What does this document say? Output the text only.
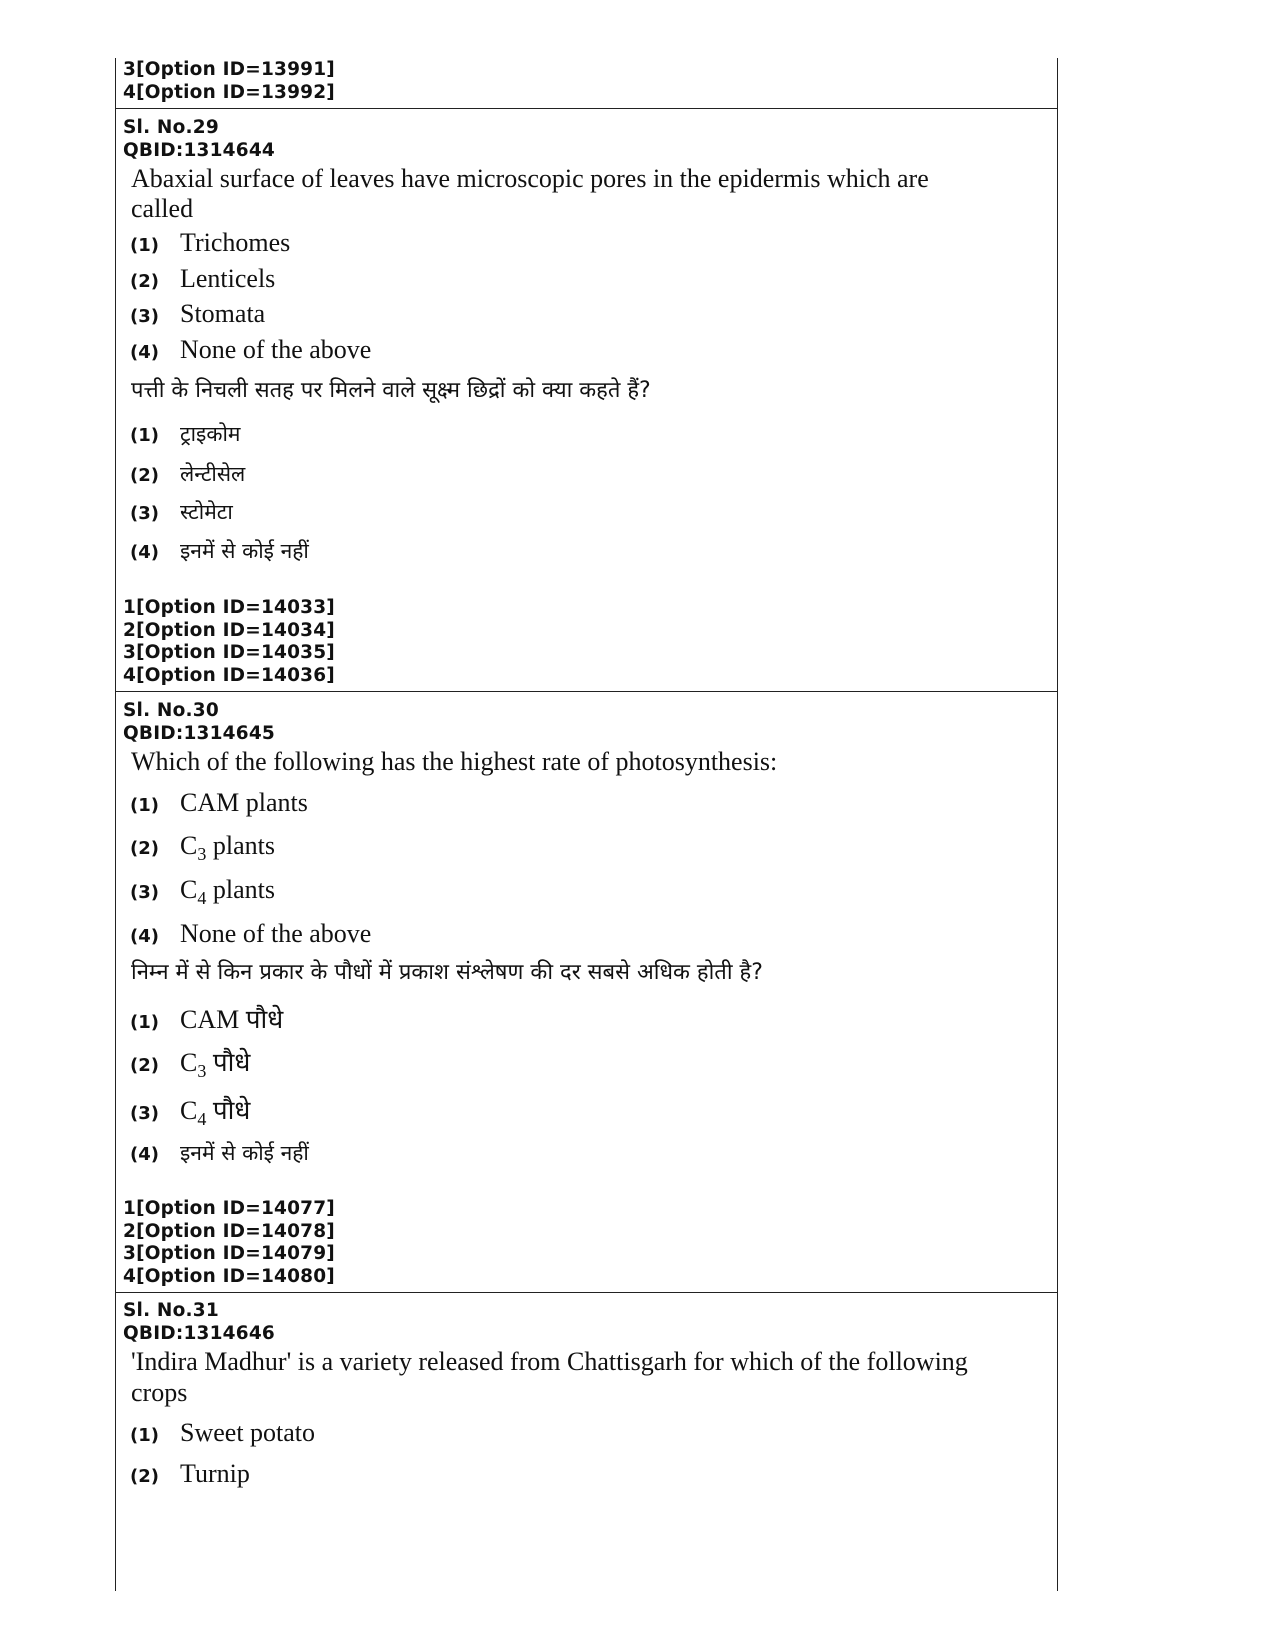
3[Option ID=13991]
4[Option ID=13992]
Sl. No.29
QBID:1314644
Abaxial surface of leaves have microscopic pores in the epidermis which are
called
(1) Trichomes
(2) Lenticels
(3) Stomata
(4) None of the above
पत्ती के निचली सतह पर मिलने वाले सूक्ष्म छिद्रों को क्या कहते हैं?
(1)	ट्राइकोम
(2)	लेन्टीसेल
(3)	स्टोमेटा
(4)	इनमें से कोई नहीं
1[Option ID=14033]
2[Option ID=14034]
3[Option ID=14035]
4[Option ID=14036]
Sl. No.30
QBID:1314645
Which of the following has the highest rate of photosynthesis:
(1) CAM plants
(2) $C_3$ plants
(3) $C_4$ plants
(4) None of the above
निम्न में से किन प्रकार के पौधों में प्रकाश संश्लेषण की दर सबसे अधिक होती है?
(1) CAM पौधे
(2) $C_3$ पौधे
(3) $C_4$ पौधे
(4)	इनमें से कोई नहीं
1[Option ID=14077]
2[Option ID=14078]
3[Option ID=14079]
4[Option ID=14080]
Sl. No.31
QBID:1314646
'Indira Madhur' is a variety released from Chattisgarh for which of the following
crops
(1) Sweet potato
(2) Turnip
